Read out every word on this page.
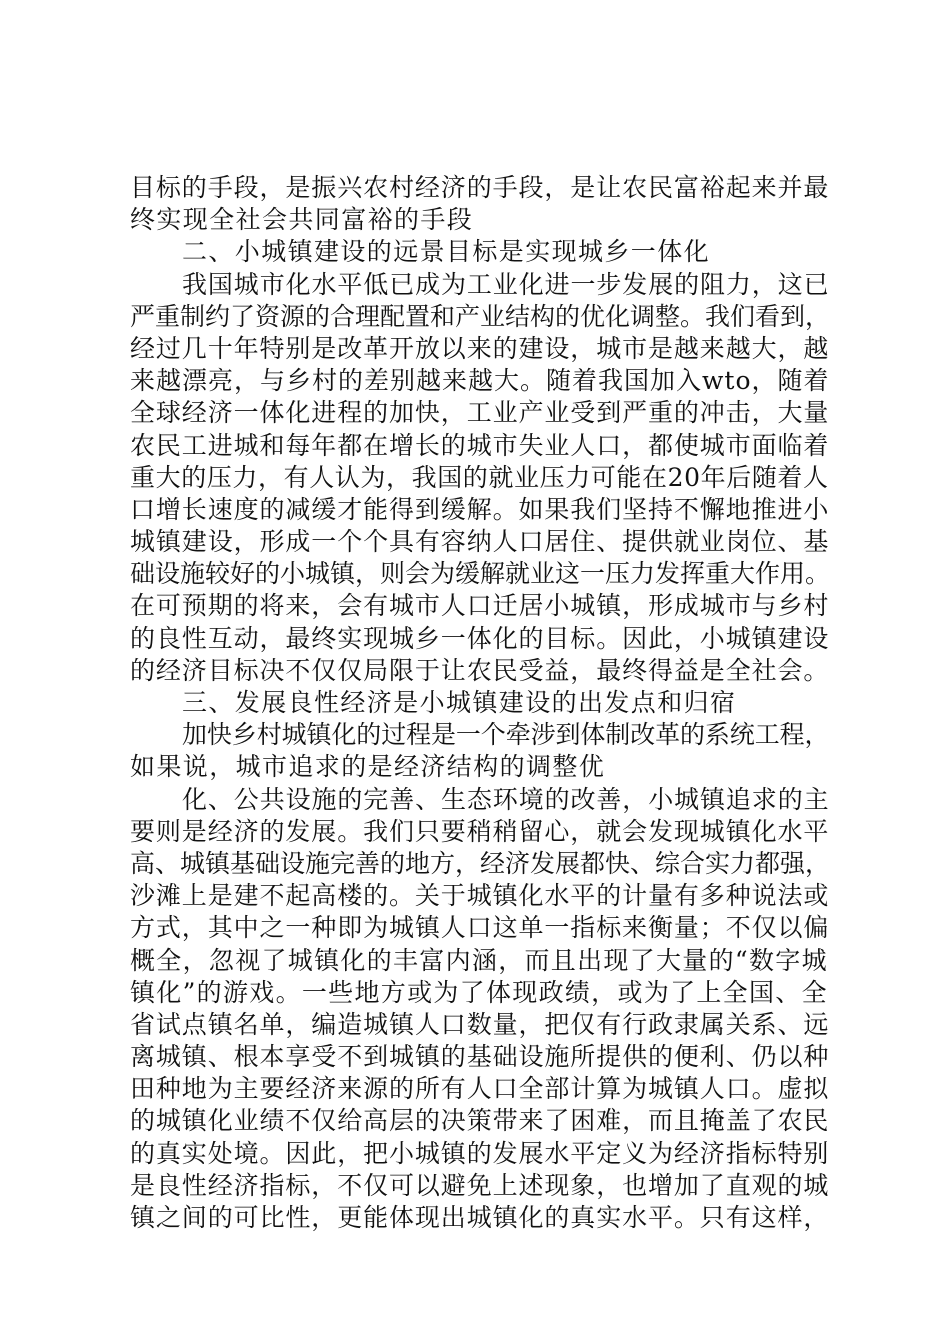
目标的手段，是振兴农村经济的手段，是让农民富裕起来并最
终实现全社会共同富裕的手段
二、小城镇建设的远景目标是实现城乡一体化
我国城市化水平低已成为工业化进一步发展的阻力，这已
严重制约了资源的合理配置和产业结构的优化调整。我们看到，
经过几十年特别是改革开放以来的建设，城市是越来越大，越
来越漂亮，与乡村的差别越来越大。随着我国加入wto，随着
全球经济一体化进程的加快，工业产业受到严重的冲击，大量
农民工进城和每年都在增长的城市失业人口，都使城市面临着
重大的压力，有人认为，我国的就业压力可能在20年后随着人
口增长速度的减缓才能得到缓解。如果我们坚持不懈地推进小
城镇建设，形成一个个具有容纳人口居住、提供就业岗位、基
础设施较好的小城镇，则会为缓解就业这一压力发挥重大作用。
在可预期的将来，会有城市人口迁居小城镇，形成城市与乡村
的良性互动，最终实现城乡一体化的目标。因此，小城镇建设
的经济目标决不仅仅局限于让农民受益，最终得益是全社会。
三、发展良性经济是小城镇建设的出发点和归宿
加快乡村城镇化的过程是一个牵涉到体制改革的系统工程，
如果说，城市追求的是经济结构的调整优
化、公共设施的完善、生态环境的改善，小城镇追求的主
要则是经济的发展。我们只要稍稍留心，就会发现城镇化水平
高、城镇基础设施完善的地方，经济发展都快、综合实力都强，
沙滩上是建不起高楼的。关于城镇化水平的计量有多种说法或
方式，其中之一种即为城镇人口这单一指标来衡量；不仅以偏
概全，忽视了城镇化的丰富内涵，而且出现了大量的“数字城
镇化”的游戏。一些地方或为了体现政绩，或为了上全国、全
省试点镇名单，编造城镇人口数量，把仅有行政隶属关系、远
离城镇、根本享受不到城镇的基础设施所提供的便利、仍以种
田种地为主要经济来源的所有人口全部计算为城镇人口。虚拟
的城镇化业绩不仅给高层的决策带来了困难，而且掩盖了农民
的真实处境。因此，把小城镇的发展水平定义为经济指标特别
是良性经济指标，不仅可以避免上述现象，也增加了直观的城
镇之间的可比性，更能体现出城镇化的真实水平。只有这样，
